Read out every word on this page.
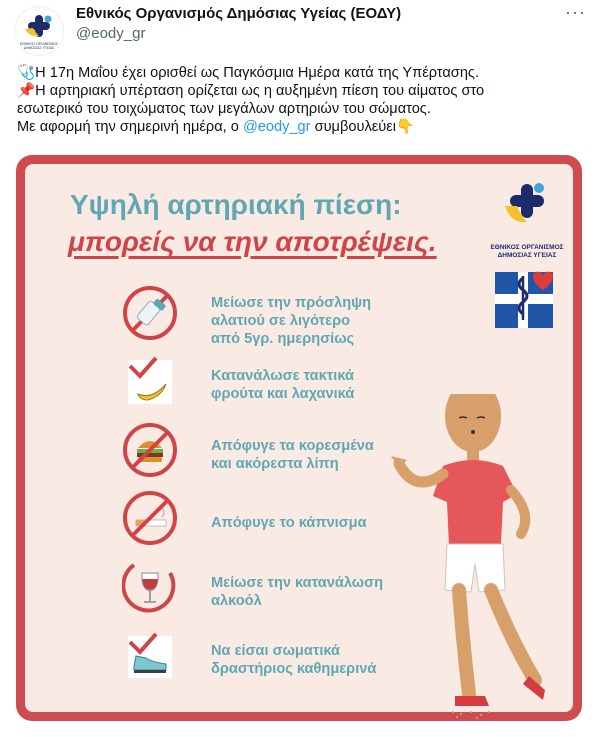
ΕΘΝΙΚΟΣ ΟΡΓΑΝΙΣΜΟΣ
ΔΗΜΟΣΙΑΣ ΥΓΕΙΑΣ
Εθνικός Οργανισμός Δημόσιας Υγείας (ΕΟΔΥ)
@eody_gr
···
🩺Η 17η Μαΐου έχει ορισθεί ως Παγκόσμια Ημέρα κατά της Υπέρτασης.
📌Η αρτηριακή υπέρταση ορίζεται ως η αυξημένη πίεση του αίματος στο
εσωτερικό του τοιχώματος των μεγάλων αρτηριών του σώματος.
Με αφορμή την σημερινή ημέρα, ο @eody_gr συμβουλεύει👇
Υψηλή αρτηριακή πίεση:
μπορείς να την αποτρέψεις.	ΕΘΝΙΚΟΣ ΟΡΓΑΝΙΣΜΟΣ ΔΗΜΟΣΙΑΣ ΥΓΕΙΑΣ
Μείωσε την πρόσληψη
αλατιού σε λιγότερο
από 5γρ. ημερησίως
Κατανάλωσε τακτικά
φρούτα και λαχανικά
Απόφυγε τα κορεσμένα
και ακόρεστα λίπη
Απόφυγε το κάπνισμα
Μείωσε την κατανάλωση
αλκοόλ
Να είσαι σωματικά
δραστήριος καθημερινά
